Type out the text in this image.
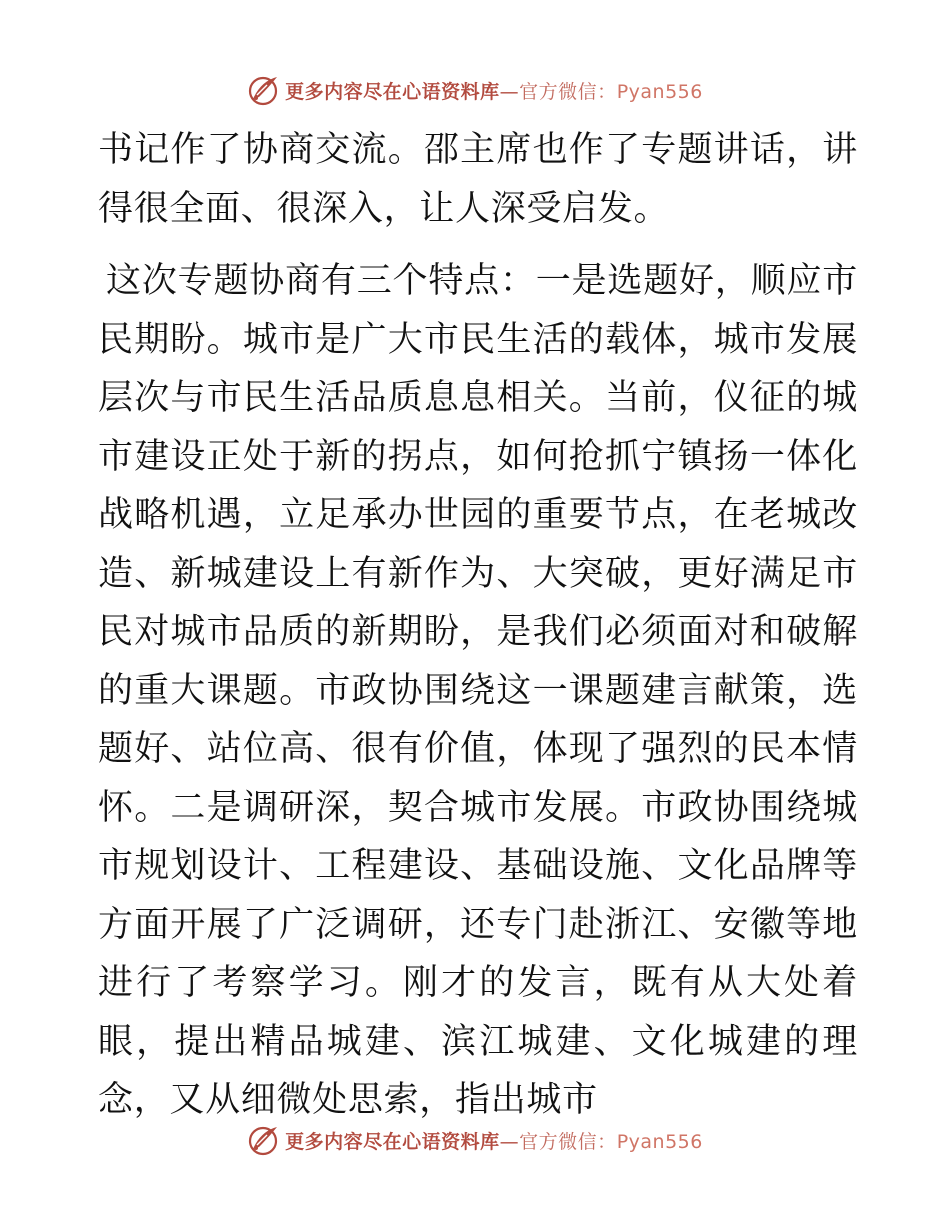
更多内容尽在心语资料库—官方微信：Pyan556

书记作了协商交流。邵主席也作了专题讲话，讲得很全面、很深入，让人深受启发。

这次专题协商有三个特点：一是选题好，顺应市民期盼。城市是广大市民生活的载体，城市发展层次与市民生活品质息息相关。当前，仪征的城市建设正处于新的拐点，如何抢抓宁镇扬一体化战略机遇，立足承办世园的重要节点，在老城改造、新城建设上有新作为、大突破，更好满足市民对城市品质的新期盼，是我们必须面对和破解的重大课题。市政协围绕这一课题建言献策，选题好、站位高、很有价值，体现了强烈的民本情怀。二是调研深，契合城市发展。市政协围绕城市规划设计、工程建设、基础设施、文化品牌等方面开展了广泛调研，还专门赴浙江、安徽等地进行了考察学习。刚才的发言，既有从大处着眼，提出精品城建、滨江城建、文化城建的理念，又从细微处思索，指出城市

更多内容尽在心语资料库—官方微信：Pyan556
